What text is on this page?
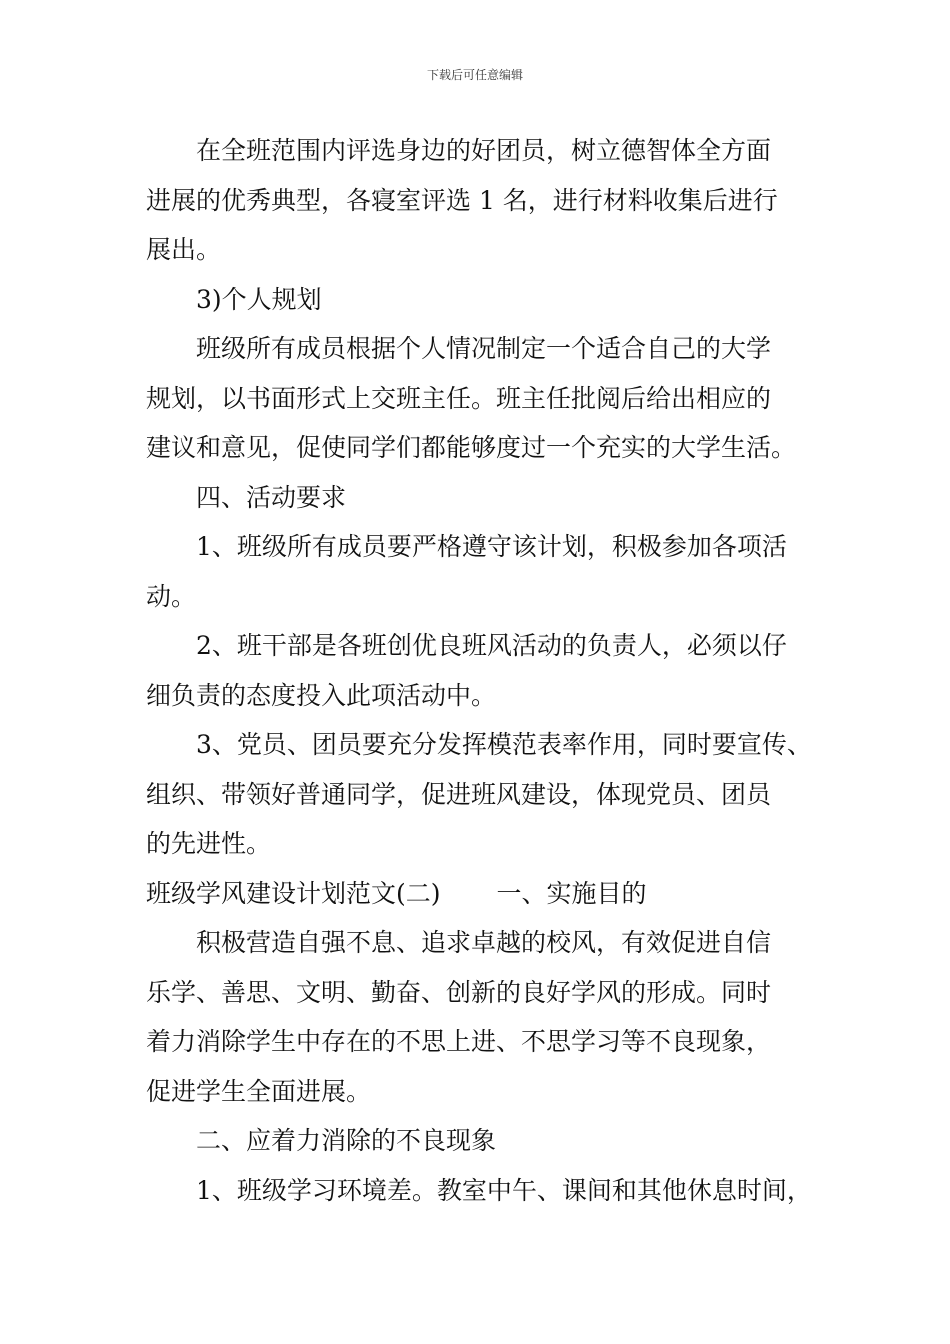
下载后可任意编辑

在全班范围内评选身边的好团员，树立德智体全方面

进展的优秀典型，各寝室评选 1 名，进行材料收集后进行

展出。

3)个人规划

班级所有成员根据个人情况制定一个适合自己的大学

规划，以书面形式上交班主任。班主任批阅后给出相应的

建议和意见，促使同学们都能够度过一个充实的大学生活。

四、活动要求

1、班级所有成员要严格遵守该计划，积极参加各项活

动。

2、班干部是各班创优良班风活动的负责人，必须以仔

细负责的态度投入此项活动中。

3、党员、团员要充分发挥模范表率作用，同时要宣传、

组织、带领好普通同学，促进班风建设，体现党员、团员

的先进性。

班级学风建设计划范文(二) 一、实施目的

积极营造自强不息、追求卓越的校风，有效促进自信

乐学、善思、文明、勤奋、创新的良好学风的形成。同时

着力消除学生中存在的不思上进、不思学习等不良现象，

促进学生全面进展。

二、应着力消除的不良现象

1、班级学习环境差。教室中午、课间和其他休息时间，
